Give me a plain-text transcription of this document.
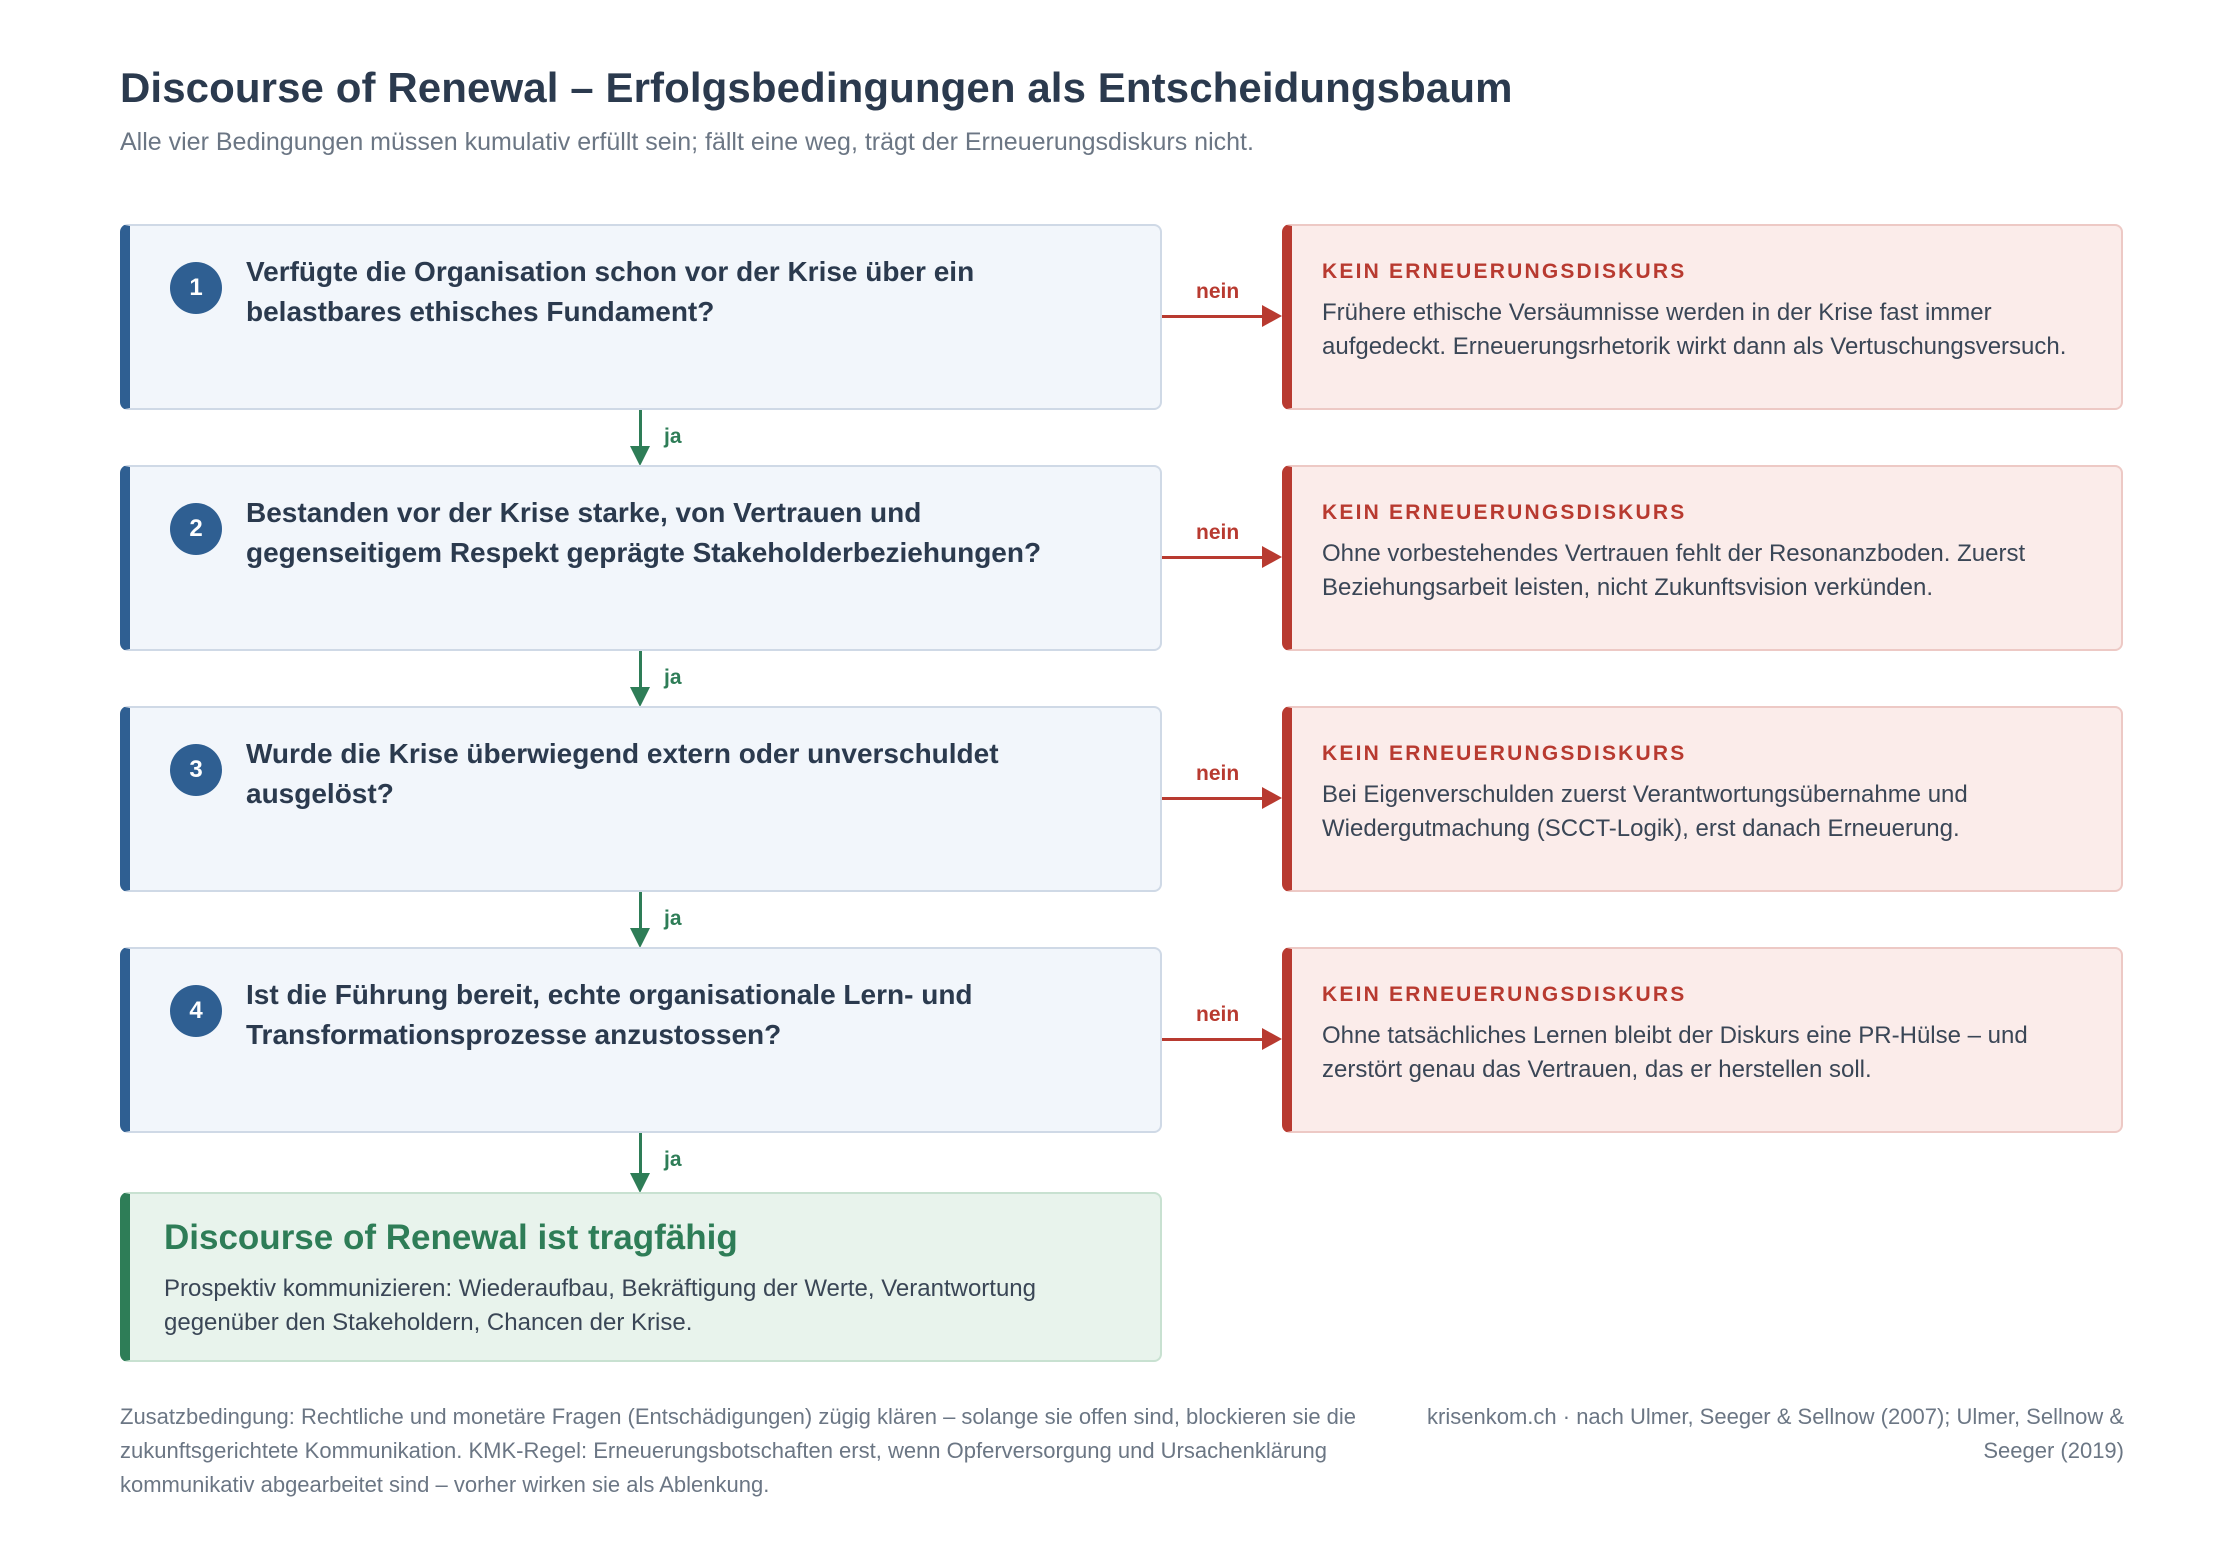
Discourse of Renewal – Erfolgsbedingungen als Entscheidungsbaum
Alle vier Bedingungen müssen kumulativ erfüllt sein; fällt eine weg, trägt der Erneuerungsdiskurs nicht.
1
Verfügte die Organisation schon vor der Krise über ein belastbares ethisches Fundament?
nein
KEIN ERNEUERUNGSDISKURS
Frühere ethische Versäumnisse werden in der Krise fast immer aufgedeckt. Erneuerungsrhetorik wirkt dann als Vertuschungsversuch.
ja
2
Bestanden vor der Krise starke, von Vertrauen und gegenseitigem Respekt geprägte Stakeholderbeziehungen?
nein
KEIN ERNEUERUNGSDISKURS
Ohne vorbestehendes Vertrauen fehlt der Resonanzboden. Zuerst Beziehungsarbeit leisten, nicht Zukunftsvision verkünden.
ja
3
Wurde die Krise überwiegend extern oder unverschuldet ausgelöst?
nein
KEIN ERNEUERUNGSDISKURS
Bei Eigenverschulden zuerst Verantwortungsübernahme und Wiedergutmachung (SCCT-Logik), erst danach Erneuerung.
ja
4
Ist die Führung bereit, echte organisationale Lern- und Transformationsprozesse anzustossen?
nein
KEIN ERNEUERUNGSDISKURS
Ohne tatsächliches Lernen bleibt der Diskurs eine PR-Hülse – und zerstört genau das Vertrauen, das er herstellen soll.
ja
Discourse of Renewal ist tragfähig
Prospektiv kommunizieren: Wiederaufbau, Bekräftigung der Werte, Verantwortung gegenüber den Stakeholdern, Chancen der Krise.
Zusatzbedingung: Rechtliche und monetäre Fragen (Entschädigungen) zügig klären – solange sie offen sind, blockieren sie die zukunftsgerichtete Kommunikation. KMK-Regel: Erneuerungsbotschaften erst, wenn Opferversorgung und Ursachenklärung kommunikativ abgearbeitet sind – vorher wirken sie als Ablenkung.
krisenkom.ch · nach Ulmer, Seeger & Sellnow (2007); Ulmer, Sellnow & Seeger (2019)
